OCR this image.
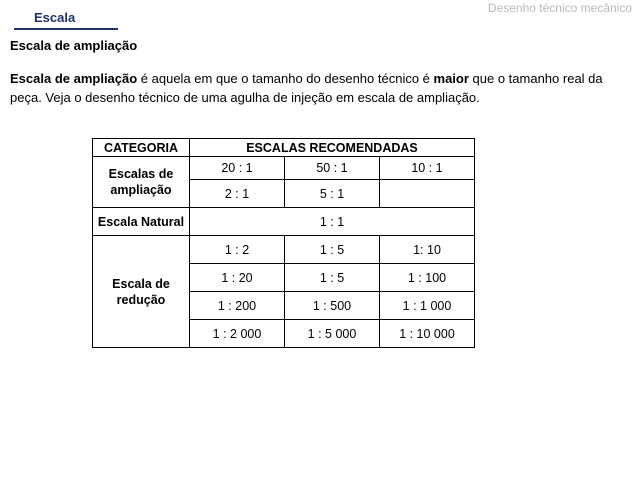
Desenho técnico mecânico
Escala
Escala de ampliação
Escala de ampliação é aquela em que o tamanho do desenho técnico é maior que o tamanho real da peça. Veja o desenho técnico de uma agulha de injeção em escala de ampliação.
CATEGORIA	ESCALAS RECOMENDADAS		
Escalas de ampliação	20 : 1	50 : 1	10 : 1
	2 : 1	5 : 1	
Escala Natural	1 : 1		
Escala de redução	1 : 2	1 : 5	1: 10
	1 : 20	1 : 5	1 : 100
	1 : 200	1 : 500	1 : 1 000
	1 : 2 000	1 : 5 000	1 : 10 000
